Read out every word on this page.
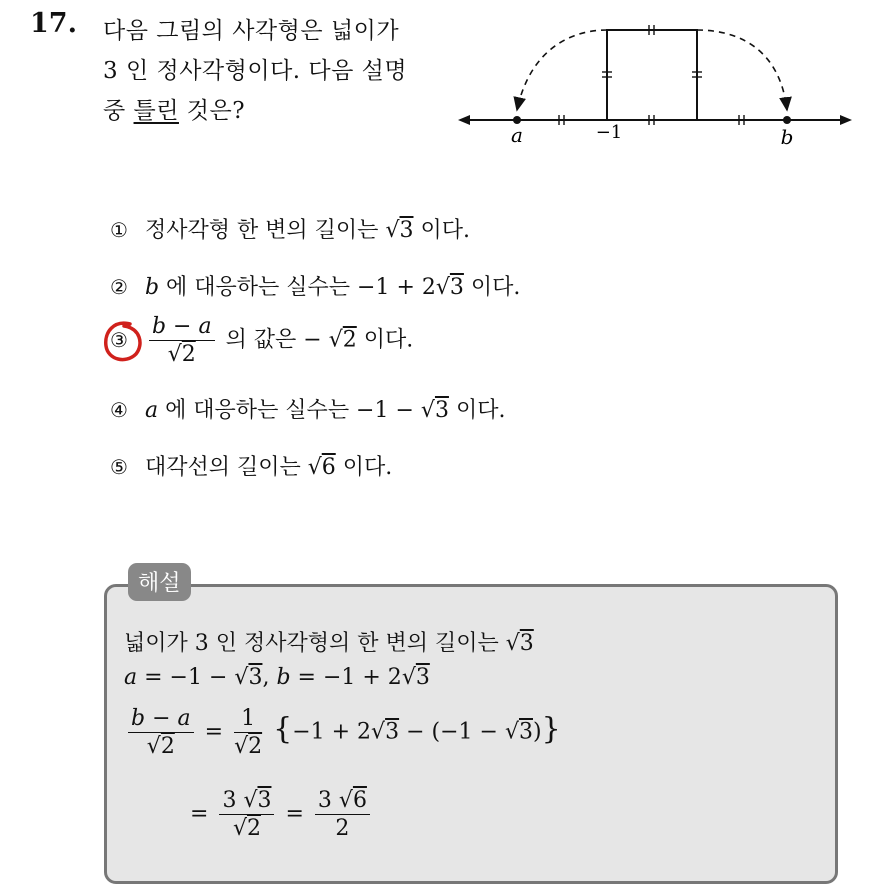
17. 다음 그림의 사각형은 넓이가
3 인 정사각형이다. 다음 설명
중 틀린 것은?
a	−1	b
① 정사각형 한 변의 길이는 √3 이다.
② b 에 대응하는 실수는 −1 + 2√3 이다.
③ $\frac{b - a}{√2}$ 의 값은 − √2 이다.
④ a 에 대응하는 실수는 −1 − √3 이다.
⑤ 대각선의 길이는 √6 이다.
해설
넓이가 3 인 정사각형의 한 변의 길이는 √3
a = −1 − √3, b = −1 + 2√3
$\frac{b - a}{√2} = \frac{1}{√2} \{-1 + 2√3 - (-1 - √3)\}$
= $\frac{3 √3}{√2} = \frac{3 √6}{2}$
